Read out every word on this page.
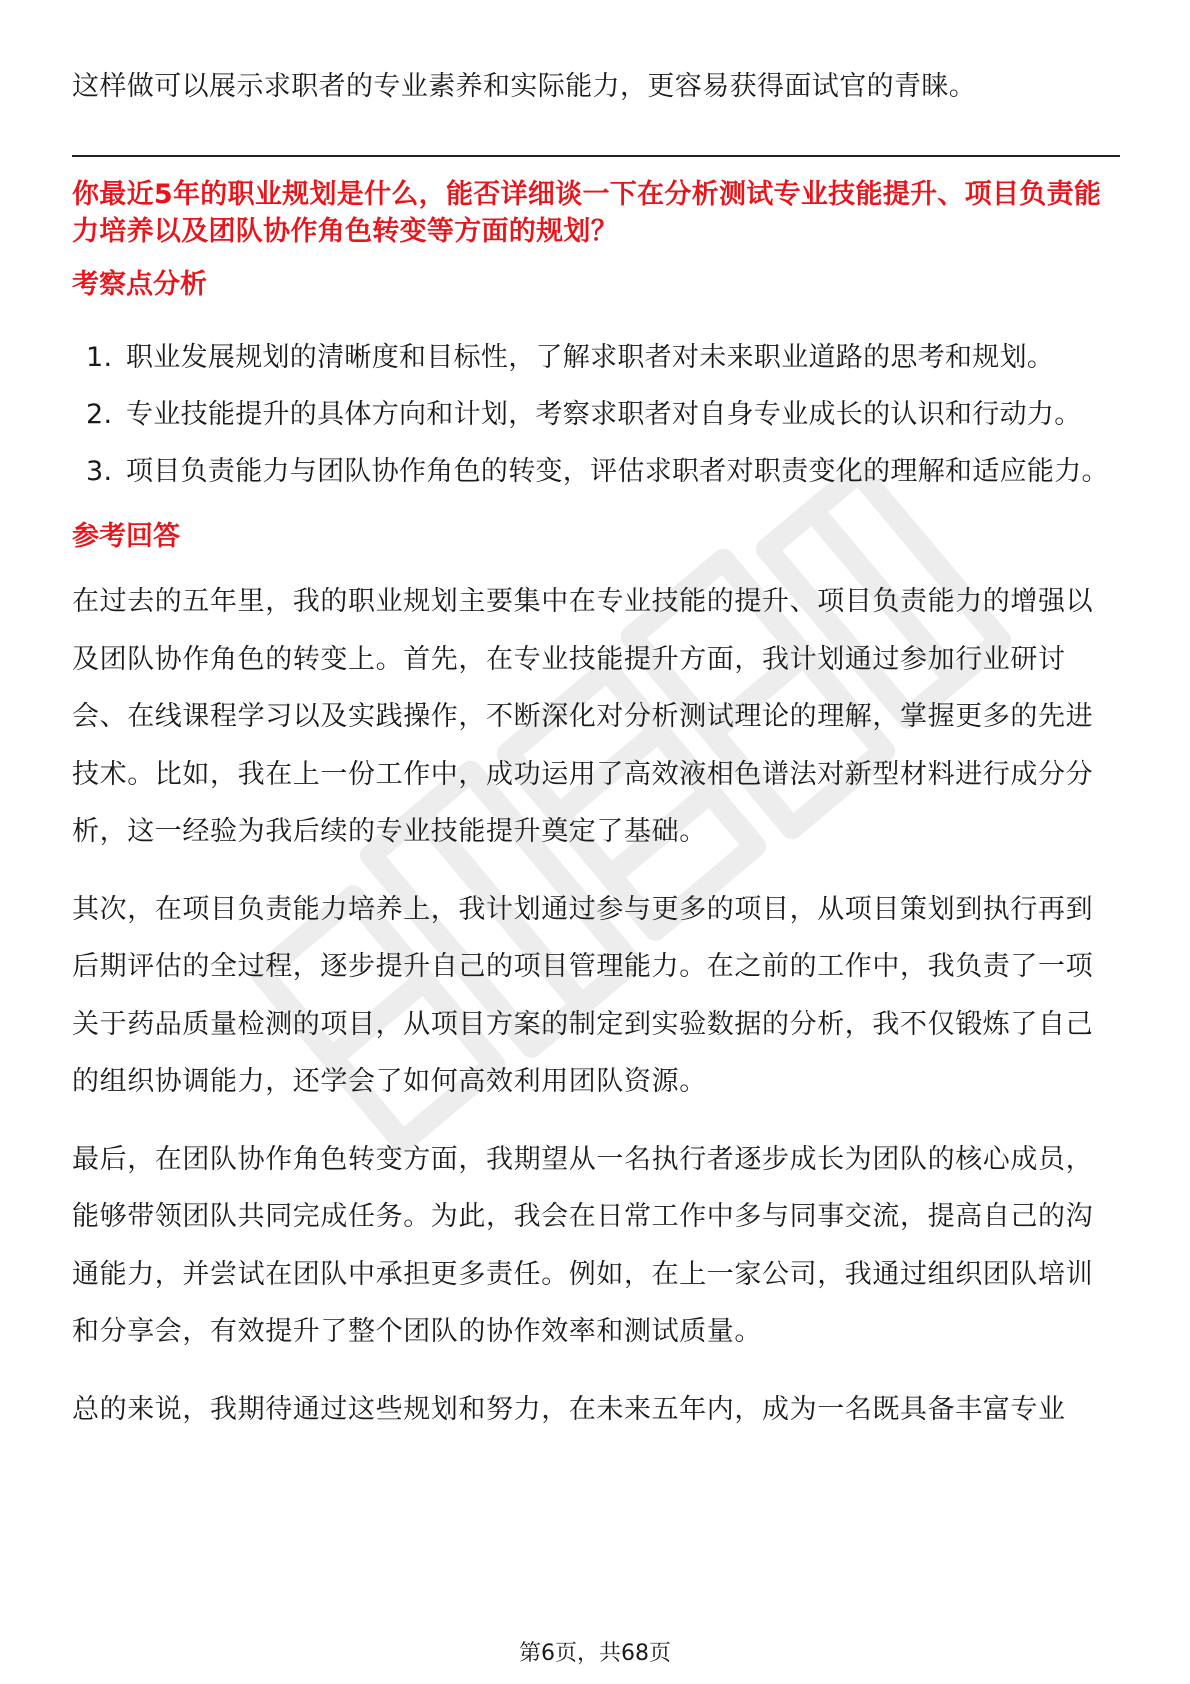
这样做可以展示求职者的专业素养和实际能力，更容易获得面试官的青睐。

你最近5年的职业规划是什么，能否详细谈一下在分析测试专业技能提升、项目负责能力培养以及团队协作角色转变等方面的规划？

考察点分析
1. 职业发展规划的清晰度和目标性，了解求职者对未来职业道路的思考和规划。
2. 专业技能提升的具体方向和计划，考察求职者对自身专业成长的认识和行动力。
3. 项目负责能力与团队协作角色的转变，评估求职者对职责变化的理解和适应能力。
参考回答

在过去的五年里，我的职业规划主要集中在专业技能的提升、项目负责能力的增强以及团队协作角色的转变上。首先，在专业技能提升方面，我计划通过参加行业研讨会、在线课程学习以及实践操作，不断深化对分析测试理论的理解，掌握更多的先进技术。比如，我在上一份工作中，成功运用了高效液相色谱法对新型材料进行成分分析，这一经验为我后续的专业技能提升奠定了基础。

其次，在项目负责能力培养上，我计划通过参与更多的项目，从项目策划到执行再到后期评估的全过程，逐步提升自己的项目管理能力。在之前的工作中，我负责了一项关于药品质量检测的项目，从项目方案的制定到实验数据的分析，我不仅锻炼了自己的组织协调能力，还学会了如何高效利用团队资源。

最后，在团队协作角色转变方面，我期望从一名执行者逐步成长为团队的核心成员，能够带领团队共同完成任务。为此，我会在日常工作中多与同事交流，提高自己的沟通能力，并尝试在团队中承担更多责任。例如，在上一家公司，我通过组织团队培训和分享会，有效提升了整个团队的协作效率和测试质量。

总的来说，我期待通过这些规划和努力，在未来五年内，成为一名既具备丰富专业

第6页，共68页
